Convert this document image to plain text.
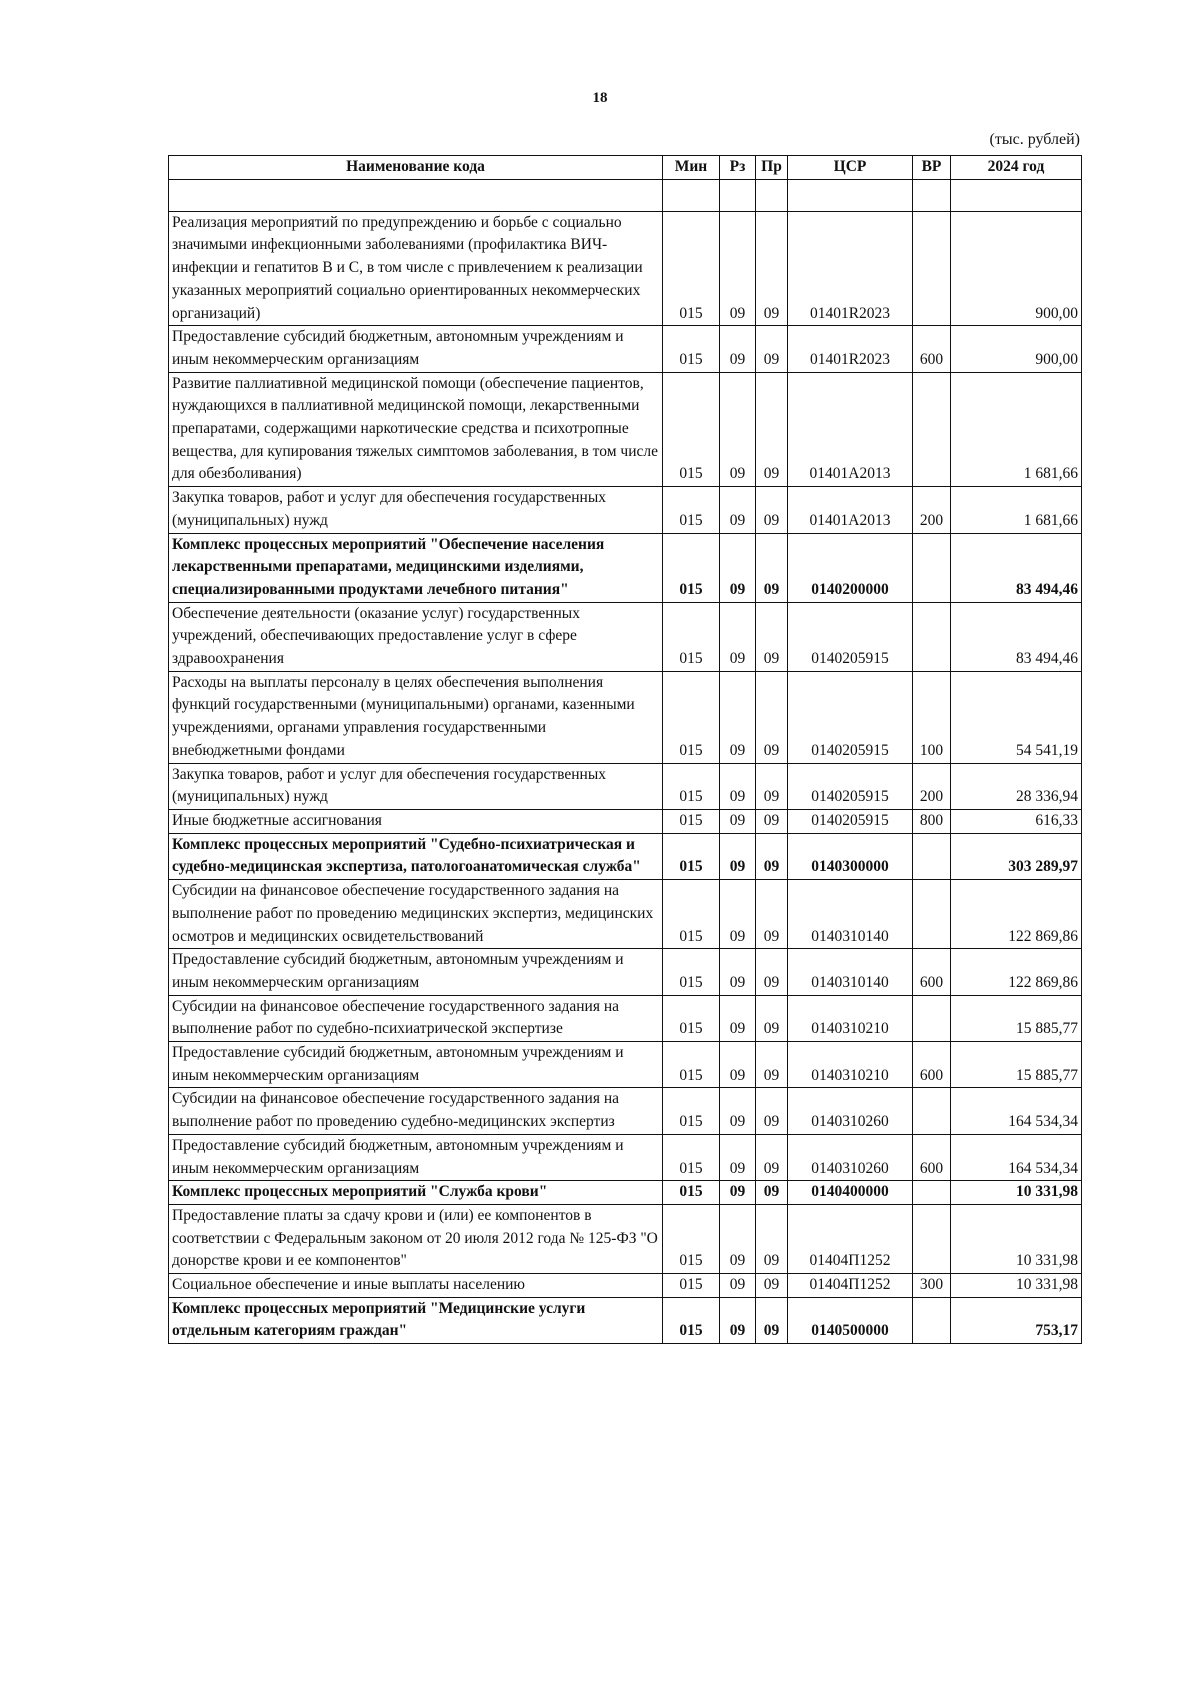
18
(тыс. рублей)
Наименование кода	Мин	Рз	Пр	ЦСР	ВР	2024 год

Реализация мероприятий по предупреждению и борьбе с социально значимыми инфекционными заболеваниями (профилактика ВИЧ-инфекции и гепатитов В и С, в том числе с привлечением к реализации указанных мероприятий социально ориентированных некоммерческих организаций)	015	09	09	01401R2023		900,00
Предоставление субсидий бюджетным, автономным учреждениям и иным некоммерческим организациям	015	09	09	01401R2023	600	900,00
Развитие паллиативной медицинской помощи (обеспечение пациентов, нуждающихся в паллиативной медицинской помощи, лекарственными препаратами, содержащими наркотические средства и психотропные вещества, для купирования тяжелых симптомов заболевания, в том числе для обезболивания)	015	09	09	01401А2013		1 681,66
Закупка товаров, работ и услуг для обеспечения государственных (муниципальных) нужд	015	09	09	01401А2013	200	1 681,66
Комплекс процессных мероприятий "Обеспечение населения лекарственными препаратами, медицинскими изделиями, специализированными продуктами лечебного питания"	015	09	09	0140200000		83 494,46
Обеспечение деятельности (оказание услуг) государственных учреждений, обеспечивающих предоставление услуг в сфере здравоохранения	015	09	09	0140205915		83 494,46
Расходы на выплаты персоналу в целях обеспечения выполнения функций государственными (муниципальными) органами, казенными учреждениями, органами управления государственными внебюджетными фондами	015	09	09	0140205915	100	54 541,19
Закупка товаров, работ и услуг для обеспечения государственных (муниципальных) нужд	015	09	09	0140205915	200	28 336,94
Иные бюджетные ассигнования	015	09	09	0140205915	800	616,33
Комплекс процессных мероприятий "Судебно-психиатрическая и судебно-медицинская экспертиза, патологоанатомическая служба"	015	09	09	0140300000		303 289,97
Субсидии на финансовое обеспечение государственного задания на выполнение работ по проведению медицинских экспертиз, медицинских осмотров и медицинских освидетельствований	015	09	09	0140310140		122 869,86
Предоставление субсидий бюджетным, автономным учреждениям и иным некоммерческим организациям	015	09	09	0140310140	600	122 869,86
Субсидии на финансовое обеспечение государственного задания на выполнение работ по судебно-психиатрической экспертизе	015	09	09	0140310210		15 885,77
Предоставление субсидий бюджетным, автономным учреждениям и иным некоммерческим организациям	015	09	09	0140310210	600	15 885,77
Субсидии на финансовое обеспечение государственного задания на выполнение работ по проведению судебно-медицинских экспертиз	015	09	09	0140310260		164 534,34
Предоставление субсидий бюджетным, автономным учреждениям и иным некоммерческим организациям	015	09	09	0140310260	600	164 534,34
Комплекс процессных мероприятий "Служба крови"	015	09	09	0140400000		10 331,98
Предоставление платы за сдачу крови и (или) ее компонентов в соответствии с Федеральным законом от 20 июля 2012 года № 125-ФЗ "О донорстве крови и ее компонентов"	015	09	09	01404П1252		10 331,98
Социальное обеспечение и иные выплаты населению	015	09	09	01404П1252	300	10 331,98
Комплекс процессных мероприятий "Медицинские услуги отдельным категориям граждан"	015	09	09	0140500000		753,17
